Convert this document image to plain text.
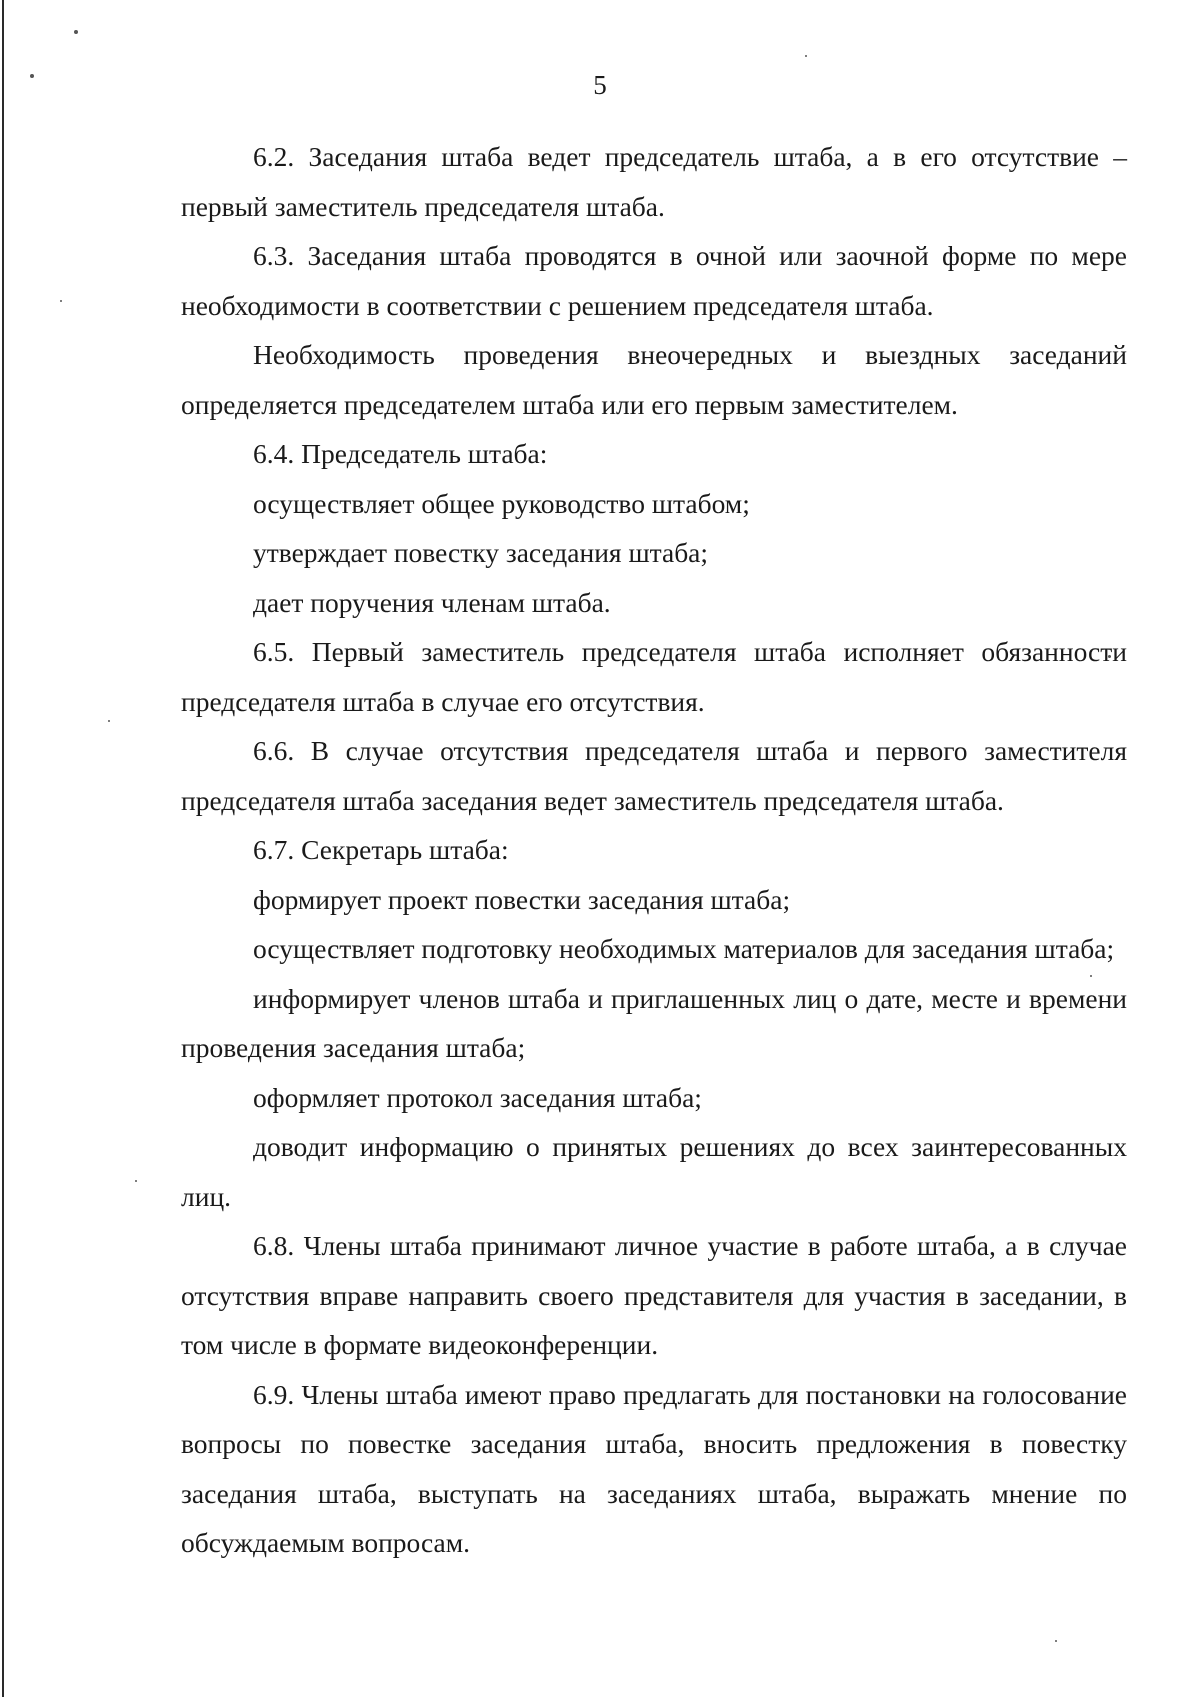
5

6.2. Заседания штаба ведет председатель штаба, а в его отсутствие – первый заместитель председателя штаба.

6.3. Заседания штаба проводятся в очной или заочной форме по мере необходимости в соответствии с решением председателя штаба.

Необходимость проведения внеочередных и выездных заседаний определяется председателем штаба или его первым заместителем.

6.4. Председатель штаба:

осуществляет общее руководство штабом;

утверждает повестку заседания штаба;

дает поручения членам штаба.

6.5. Первый заместитель председателя штаба исполняет обязанности председателя штаба в случае его отсутствия.

6.6. В случае отсутствия председателя штаба и первого заместителя председателя штаба заседания ведет заместитель председателя штаба.

6.7. Секретарь штаба:

формирует проект повестки заседания штаба;

осуществляет подготовку необходимых материалов для заседания штаба;

информирует членов штаба и приглашенных лиц о дате, месте и времени проведения заседания штаба;

оформляет протокол заседания штаба;

доводит информацию о принятых решениях до всех заинтересованных лиц.

6.8. Члены штаба принимают личное участие в работе штаба, а в случае отсутствия вправе направить своего представителя для участия в заседании, в том числе в формате видеоконференции.

6.9. Члены штаба имеют право предлагать для постановки на голосование вопросы по повестке заседания штаба, вносить предложения в повестку заседания штаба, выступать на заседаниях штаба, выражать мнение по обсуждаемым вопросам.
